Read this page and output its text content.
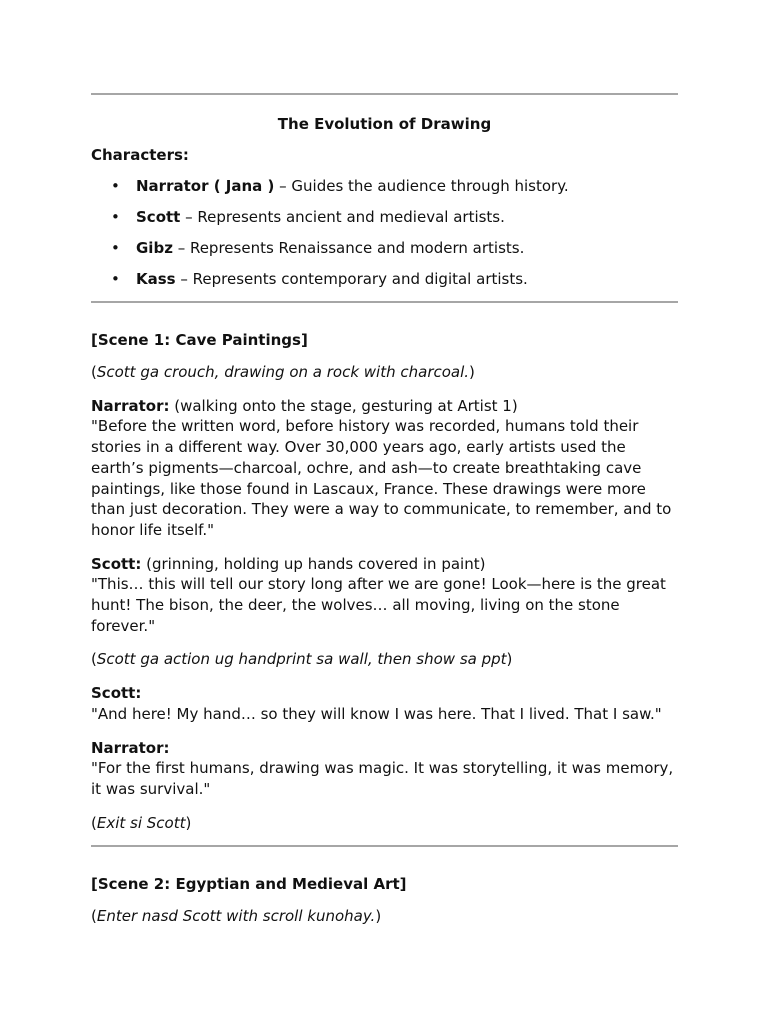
The Evolution of Drawing
Characters:
• Narrator ( Jana ) – Guides the audience through history.
• Scott – Represents ancient and medieval artists.
• Gibz – Represents Renaissance and modern artists.
• Kass – Represents contemporary and digital artists.
[Scene 1: Cave Paintings]
(Scott ga crouch, drawing on a rock with charcoal.)
Narrator: (walking onto the stage, gesturing at Artist 1)
"Before the written word, before history was recorded, humans told their stories in a different way. Over 30,000 years ago, early artists used the earth’s pigments—charcoal, ochre, and ash—to create breathtaking cave paintings, like those found in Lascaux, France. These drawings were more than just decoration. They were a way to communicate, to remember, and to honor life itself."
Scott: (grinning, holding up hands covered in paint)
"This… this will tell our story long after we are gone! Look—here is the great hunt! The bison, the deer, the wolves… all moving, living on the stone forever."
(Scott ga action ug handprint sa wall, then show sa ppt)
Scott:
"And here! My hand… so they will know I was here. That I lived. That I saw."
Narrator:
"For the first humans, drawing was magic. It was storytelling, it was memory, it was survival."
(Exit si Scott)
[Scene 2: Egyptian and Medieval Art]
(Enter nasd Scott with scroll kunohay.)
